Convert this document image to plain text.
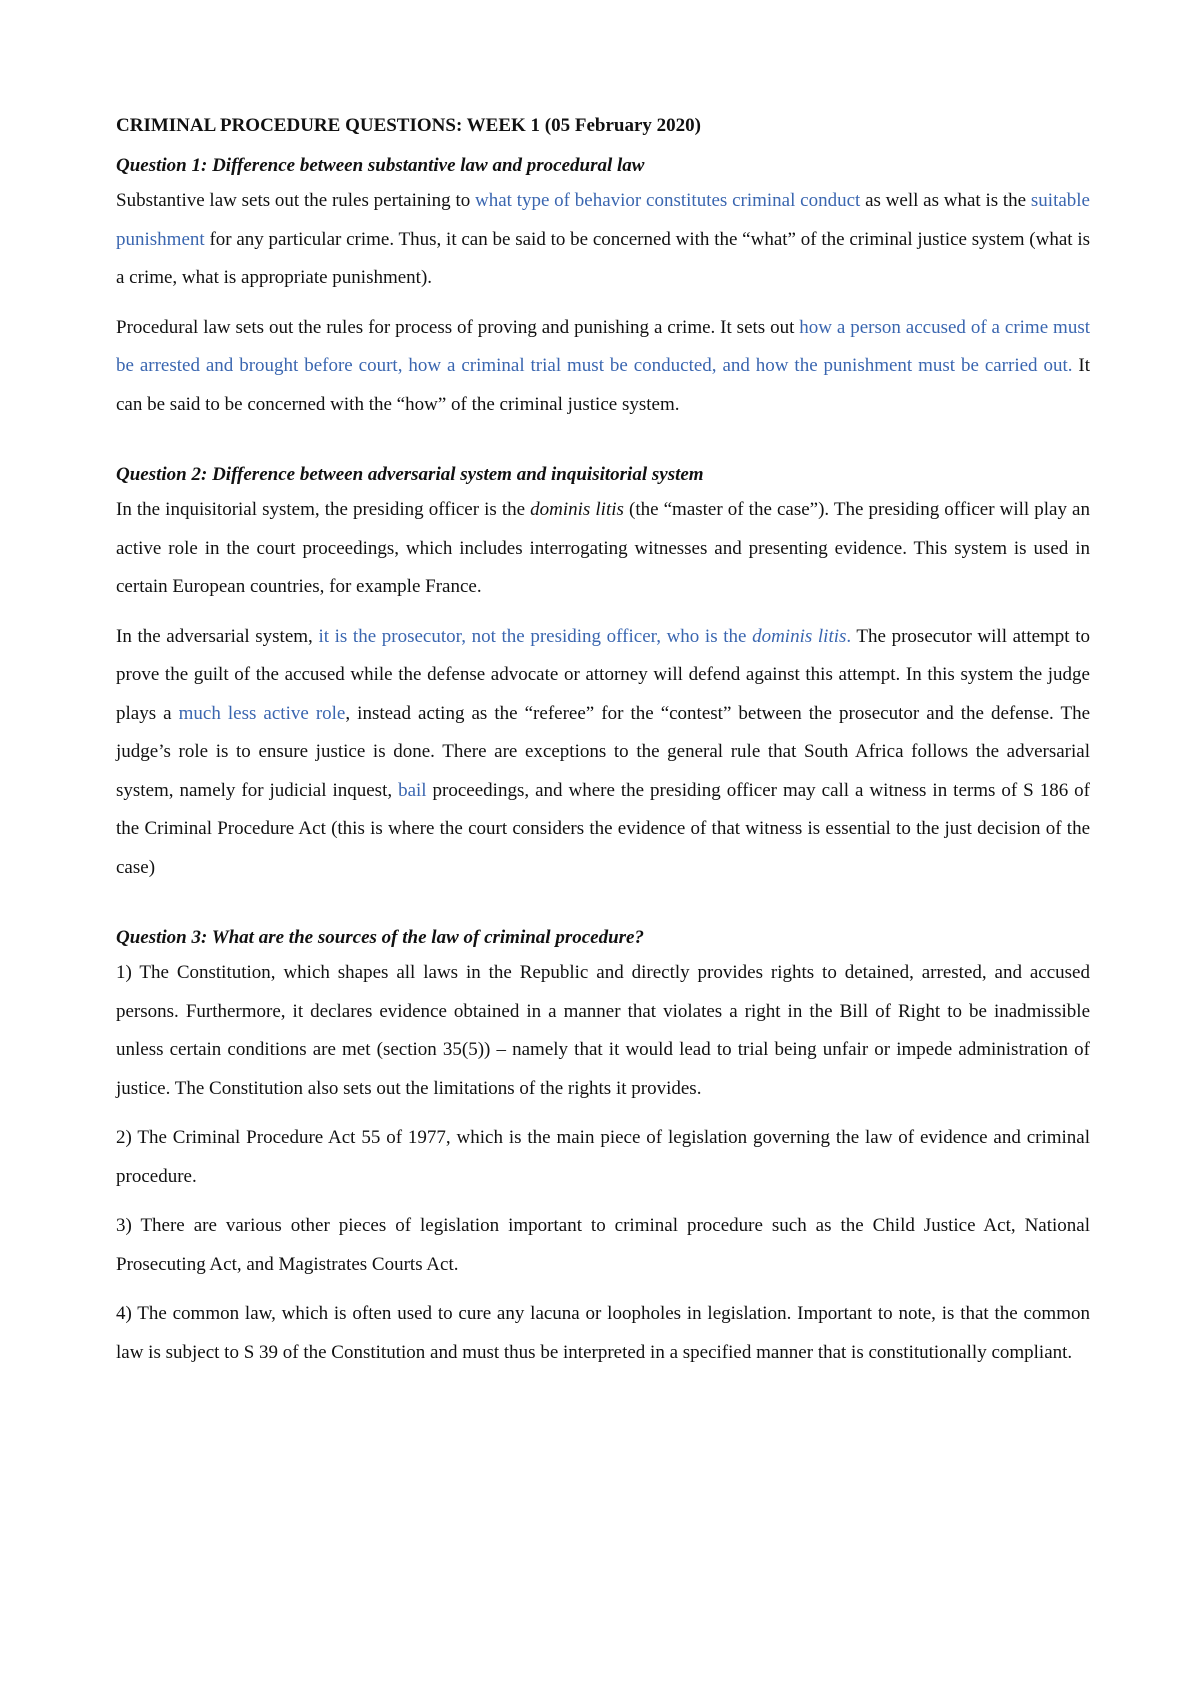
CRIMINAL PROCEDURE QUESTIONS: WEEK 1 (05 February 2020)
Question 1: Difference between substantive law and procedural law

Substantive law sets out the rules pertaining to what type of behavior constitutes criminal conduct as well as what is the suitable punishment for any particular crime. Thus, it can be said to be concerned with the “what” of the criminal justice system (what is a crime, what is appropriate punishment).

Procedural law sets out the rules for process of proving and punishing a crime. It sets out how a person accused of a crime must be arrested and brought before court, how a criminal trial must be conducted, and how the punishment must be carried out. It can be said to be concerned with the “how” of the criminal justice system.

Question 2: Difference between adversarial system and inquisitorial system

In the inquisitorial system, the presiding officer is the dominis litis (the “master of the case”). The presiding officer will play an active role in the court proceedings, which includes interrogating witnesses and presenting evidence. This system is used in certain European countries, for example France.

In the adversarial system, it is the prosecutor, not the presiding officer, who is the dominis litis. The prosecutor will attempt to prove the guilt of the accused while the defense advocate or attorney will defend against this attempt. In this system the judge plays a much less active role, instead acting as the “referee” for the “contest” between the prosecutor and the defense. The judge’s role is to ensure justice is done. There are exceptions to the general rule that South Africa follows the adversarial system, namely for judicial inquest, bail proceedings, and where the presiding officer may call a witness in terms of S 186 of the Criminal Procedure Act (this is where the court considers the evidence of that witness is essential to the just decision of the case)

Question 3: What are the sources of the law of criminal procedure?

1) The Constitution, which shapes all laws in the Republic and directly provides rights to detained, arrested, and accused persons. Furthermore, it declares evidence obtained in a manner that violates a right in the Bill of Right to be inadmissible unless certain conditions are met (section 35(5)) – namely that it would lead to trial being unfair or impede administration of justice. The Constitution also sets out the limitations of the rights it provides.

2) The Criminal Procedure Act 55 of 1977, which is the main piece of legislation governing the law of evidence and criminal procedure.

3) There are various other pieces of legislation important to criminal procedure such as the Child Justice Act, National Prosecuting Act, and Magistrates Courts Act.

4) The common law, which is often used to cure any lacuna or loopholes in legislation. Important to note, is that the common law is subject to S 39 of the Constitution and must thus be interpreted in a specified manner that is constitutionally compliant.
